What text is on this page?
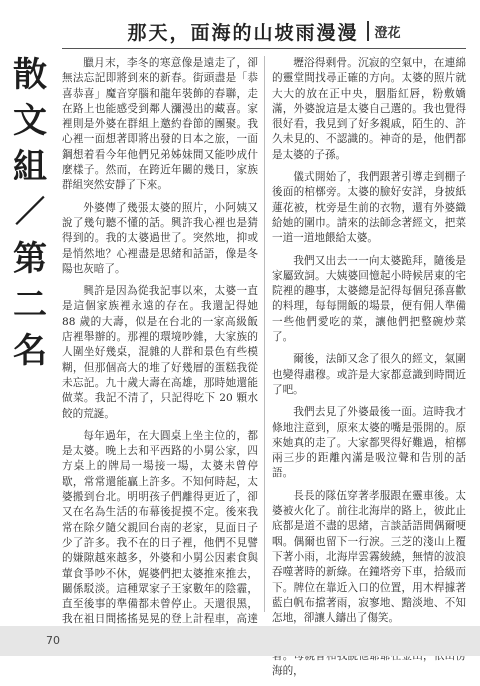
那天，面海的山坡雨漫漫 澄花
散
文
組
／
第
二
名

臘月末，李冬的寒意像是遠走了，卻無法忘記即將到來的新春。街頭盡是「恭喜恭喜」魔音穿腦和龍年裝飾的春聯，走在路上也能感受到鄰人瀰漫出的藏喜。家裡則是外婆在群組上邀約眷節的團聚。我心裡一面想著即將出發的日本之旅，一面鋼想着看今年他們兄弟姊妹間又能吵成什麼樣子。然而，在跨近年關的幾日，家族群組突然安靜了下來。

外婆傳了幾張太婆的照片，小阿姨又說了幾句聽不懂的話。興許我心裡也是猜得到的。我的太婆過世了。突然地，抑或是悄然地？心裡盡是思緒和話語，像是冬陽也灰暗了。

興許是因為從我記事以來，太婆一直是這個家族裡永遠的存在。我還記得她 88 歲的大壽，似是在台北的一家高級飯店裡舉辦的。那裡的環境吵雜，大家族的人圍坐好幾桌，混雜的人群和景色有些模糊，但那個高大的堆了好幾層的蛋糕我從未忘記。九十歲大壽在高雄，那時她還能做菜。我記不清了，只記得吃下 20 顆水餃的荒誕。

每年過年，在大圓桌上坐主位的，都是太婆。晚上去和平西路的小舅公家，四方桌上的牌局一場接一場，太婆未曾停歇，常常還能贏上許多。不知何時起，太婆搬到台北。明明孩子們離得更近了，卻又在名為生活的布幕後捉摸不定。後來我常在除夕隨父親回台南的老家，見面日子少了許多。我不在的日子裡，他們不見譬的嫌隙越來越多，外婆和小舅公因素食與葷食爭吵不休，娓婆們把太婆推來推去，關係駁淡。這種眾家子王家數年的陰霾，直至後事的準備都未曾停止。天還很黑，我在祖日間搖搖晃晃的登上計程車，高達

壢浴得剩骨。沉寂的空氣中，在連綿的靈堂間找尋正確的方向。太婆的照片就大大的放在正中央，胭脂紅唇，粉敷嬌滿，外婆說這是太婆自己選的。我也覺得很好看，我見到了好多親戚，陌生的、許久未見的、不認識的。神奇的是，他們都是太婆的子孫。

儀式開始了，我們跟著引導走到棚子後面的棺槨旁。太婆的臉好安詳，身披紙蓮花被，枕旁是生前的衣物，還有外婆織給她的圍巾。請來的法師念著經文，把菜一道一道地餵給太婆。

我們又出去一一向太婆跪拜，隨後是家屬致詞。大姨婆回憶起小時候居東的宅院裡的趣事，太婆總是記得每個兒孫喜歡的料理，每每開飯的場景，便有佣人準備一些他們愛吃的菜，讓他們把整碗炒菜了。

爾後，法師又念了很久的經文，氣圍也變得肅穆。或許是大家都意識到時間近了吧。

我們去見了外婆最後一面。這時我才條地注意到，原來太婆的嘴是張開的。原來她真的走了。大家都哭得好難過，棺槨兩三步的距離內滿是吸泣聲和告別的話語。

長長的隊伍穿著孝服跟在靈車後。太婆被火化了。前往北海岸的路上，彼此止底都是道不盡的思緒，言談話語間偶爾哽咽。偶爾也留下一行淚。三芝的淺山上覆下著小雨，北海岸雲霧綾繞，無情的波浪吞噬著時的新綠。在鐘塔旁下車，拾級而下。牌位在靠近入口的位置，用木桿據著藍白帆布擋著雨，寂寥地、黯淡地、不知怎地，卻讓人鑄出了傷笑。

海的，

70
